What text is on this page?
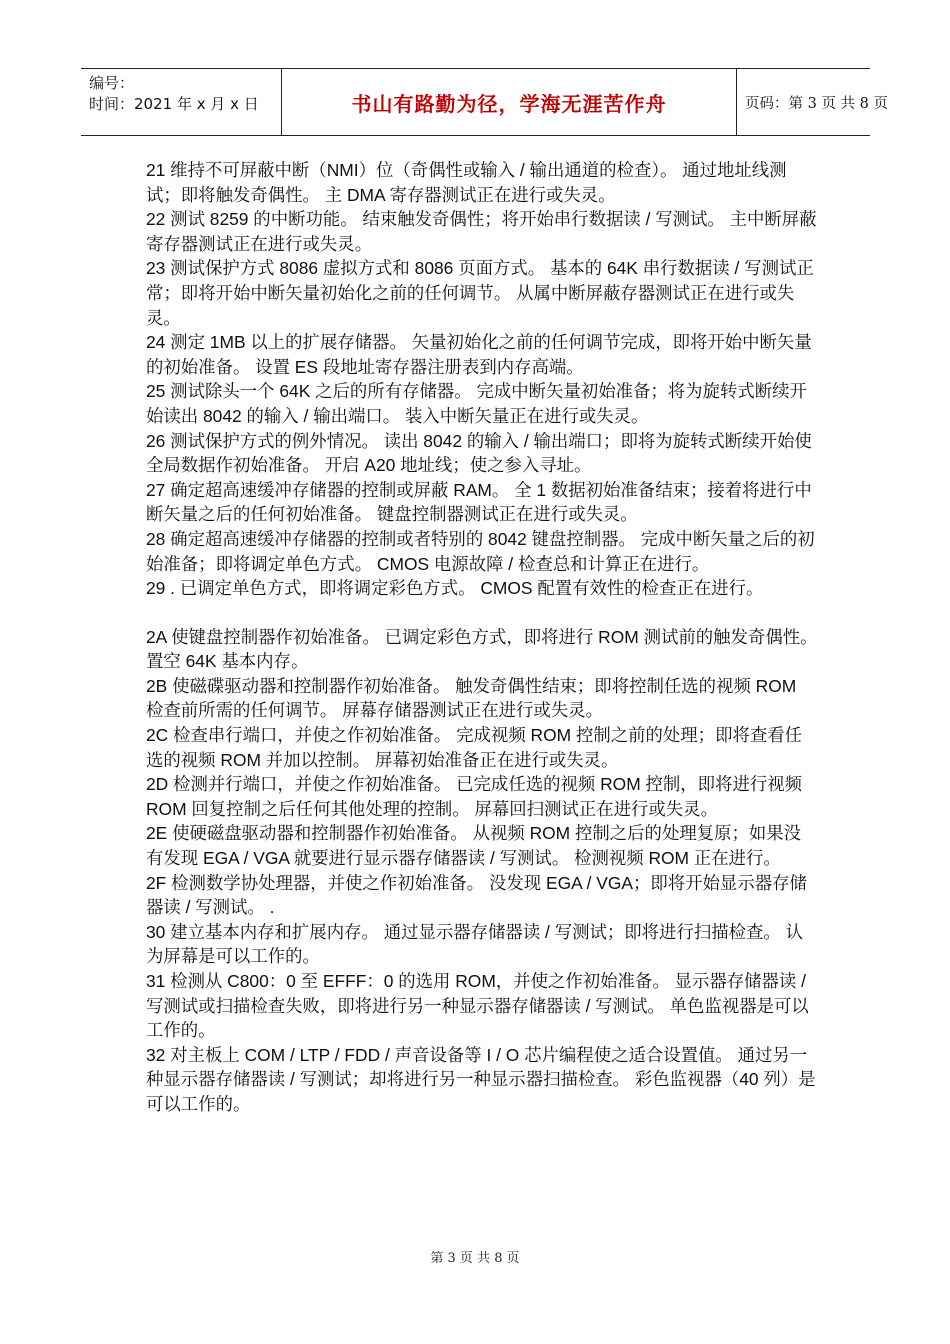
编号：
时间：2021 年 x 月 x 日	书山有路勤为径，学海无涯苦作舟	页码：第 3 页 共 8 页

21 维持不可屏蔽中断（NMI）位（奇偶性或输入 / 输出通道的检查）。 通过地址线测试；即将触发奇偶性。 主 DMA 寄存器测试正在进行或失灵。

22 测试 8259 的中断功能。 结束触发奇偶性；将开始串行数据读 / 写测试。 主中断屏蔽寄存器测试正在进行或失灵。

23 测试保护方式 8086 虚拟方式和 8086 页面方式。 基本的 64K 串行数据读 / 写测试正常；即将开始中断矢量初始化之前的任何调节。 从属中断屏蔽存器测试正在进行或失灵。

24 测定 1MB 以上的扩展存储器。 矢量初始化之前的任何调节完成，即将开始中断矢量的初始准备。 设置 ES 段地址寄存器注册表到内存高端。

25 测试除头一个 64K 之后的所有存储器。 完成中断矢量初始准备；将为旋转式断续开始读出 8042 的输入 / 输出端口。 装入中断矢量正在进行或失灵。

26 测试保护方式的例外情况。 读出 8042 的输入 / 输出端口；即将为旋转式断续开始使全局数据作初始准备。 开启 A20 地址线；使之参入寻址。

27 确定超高速缓冲存储器的控制或屏蔽 RAM。 全 1 数据初始准备结束；接着将进行中断矢量之后的任何初始准备。 键盘控制器测试正在进行或失灵。

28 确定超高速缓冲存储器的控制或者特别的 8042 键盘控制器。 完成中断矢量之后的初始准备；即将调定单色方式。 CMOS 电源故障 / 检查总和计算正在进行。

29 . 已调定单色方式，即将调定彩色方式。 CMOS 配置有效性的检查正在进行。

2A 使键盘控制器作初始准备。 已调定彩色方式，即将进行 ROM 测试前的触发奇偶性。 置空 64K 基本内存。

2B 使磁碟驱动器和控制器作初始准备。 触发奇偶性结束；即将控制任选的视频 ROM 检查前所需的任何调节。 屏幕存储器测试正在进行或失灵。

2C 检查串行端口，并使之作初始准备。 完成视频 ROM 控制之前的处理；即将查看任选的视频 ROM 并加以控制。 屏幕初始准备正在进行或失灵。

2D 检测并行端口，并使之作初始准备。 已完成任选的视频 ROM 控制，即将进行视频 ROM 回复控制之后任何其他处理的控制。 屏幕回扫测试正在进行或失灵。

2E 使硬磁盘驱动器和控制器作初始准备。 从视频 ROM 控制之后的处理复原；如果没有发现 EGA / VGA 就要进行显示器存储器读 / 写测试。 检测视频 ROM 正在进行。

2F 检测数学协处理器，并使之作初始准备。 没发现 EGA / VGA；即将开始显示器存储器读 / 写测试。 .

30 建立基本内存和扩展内存。 通过显示器存储器读 / 写测试；即将进行扫描检查。 认为屏幕是可以工作的。

31 检测从 C800：0 至 EFFF：0 的选用 ROM，并使之作初始准备。 显示器存储器读 / 写测试或扫描检查失败，即将进行另一种显示器存储器读 / 写测试。 单色监视器是可以工作的。

32 对主板上 COM / LTP / FDD / 声音设备等 I / O 芯片编程使之适合设置值。 通过另一种显示器存储器读 / 写测试；却将进行另一种显示器扫描检查。 彩色监视器（40 列）是可以工作的。

第 3 页 共 8 页
